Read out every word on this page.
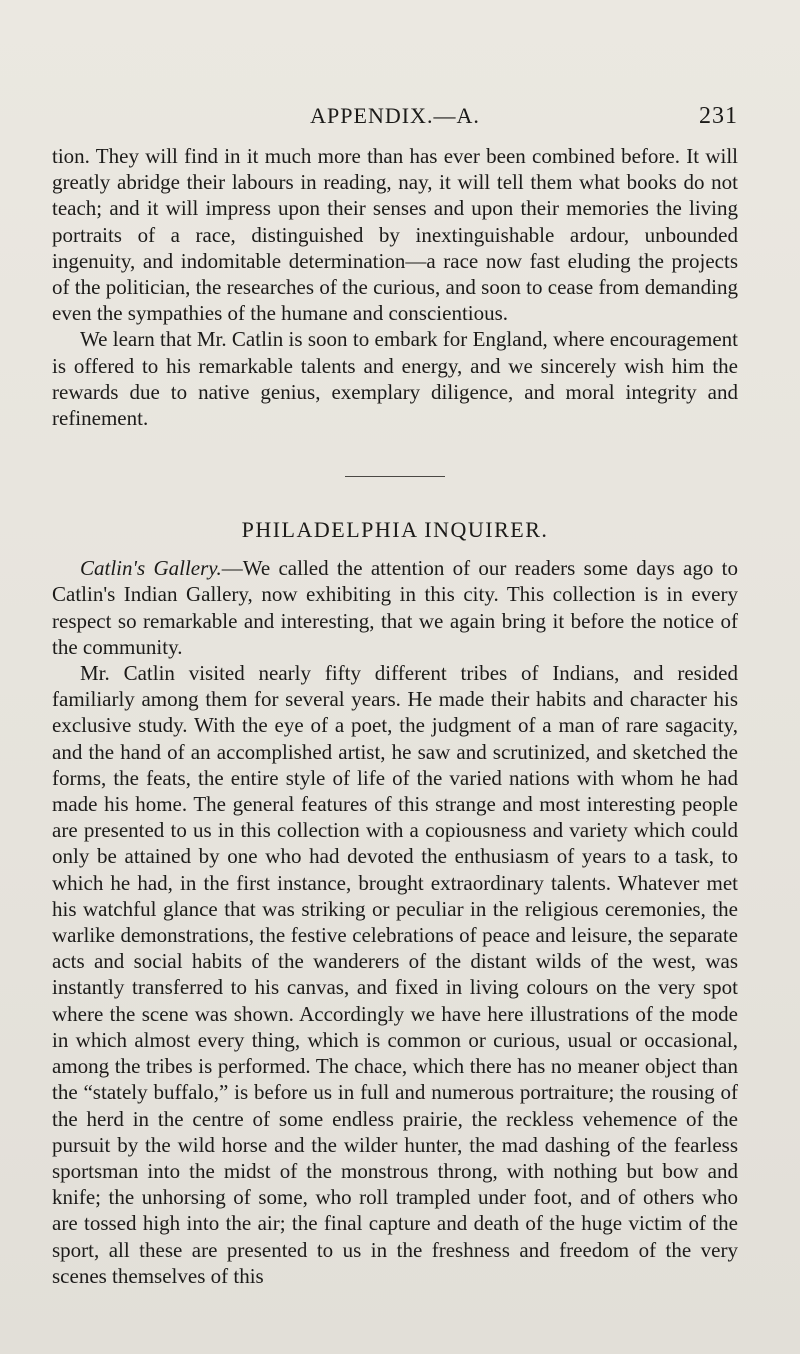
APPENDIX.—A.	231

tion. They will find in it much more than has ever been combined before. It will greatly abridge their labours in reading, nay, it will tell them what books do not teach; and it will impress upon their senses and upon their memories the living portraits of a race, distinguished by inextinguishable ardour, unbounded ingenuity, and indomitable determination—a race now fast eluding the projects of the politician, the researches of the curious, and soon to cease from demanding even the sympathies of the humane and conscientious.

We learn that Mr. Catlin is soon to embark for England, where encouragement is offered to his remarkable talents and energy, and we sincerely wish him the rewards due to native genius, exemplary diligence, and moral integrity and refinement.

PHILADELPHIA INQUIRER.

Catlin's Gallery.—We called the attention of our readers some days ago to Catlin's Indian Gallery, now exhibiting in this city. This collection is in every respect so remarkable and interesting, that we again bring it before the notice of the community.

Mr. Catlin visited nearly fifty different tribes of Indians, and resided familiarly among them for several years. He made their habits and character his exclusive study. With the eye of a poet, the judgment of a man of rare sagacity, and the hand of an accomplished artist, he saw and scrutinized, and sketched the forms, the feats, the entire style of life of the varied nations with whom he had made his home. The general features of this strange and most interesting people are presented to us in this collection with a copiousness and variety which could only be attained by one who had devoted the enthusiasm of years to a task, to which he had, in the first instance, brought extraordinary talents. Whatever met his watchful glance that was striking or peculiar in the religious ceremonies, the warlike demonstrations, the festive celebrations of peace and leisure, the separate acts and social habits of the wanderers of the distant wilds of the west, was instantly transferred to his canvas, and fixed in living colours on the very spot where the scene was shown. Accordingly we have here illustrations of the mode in which almost every thing, which is common or curious, usual or occasional, among the tribes is performed. The chace, which there has no meaner object than the “stately buffalo,” is before us in full and numerous portraiture; the rousing of the herd in the centre of some endless prairie, the reckless vehemence of the pursuit by the wild horse and the wilder hunter, the mad dashing of the fearless sportsman into the midst of the monstrous throng, with nothing but bow and knife; the unhorsing of some, who roll trampled under foot, and of others who are tossed high into the air; the final capture and death of the huge victim of the sport, all these are presented to us in the freshness and freedom of the very scenes themselves of this
